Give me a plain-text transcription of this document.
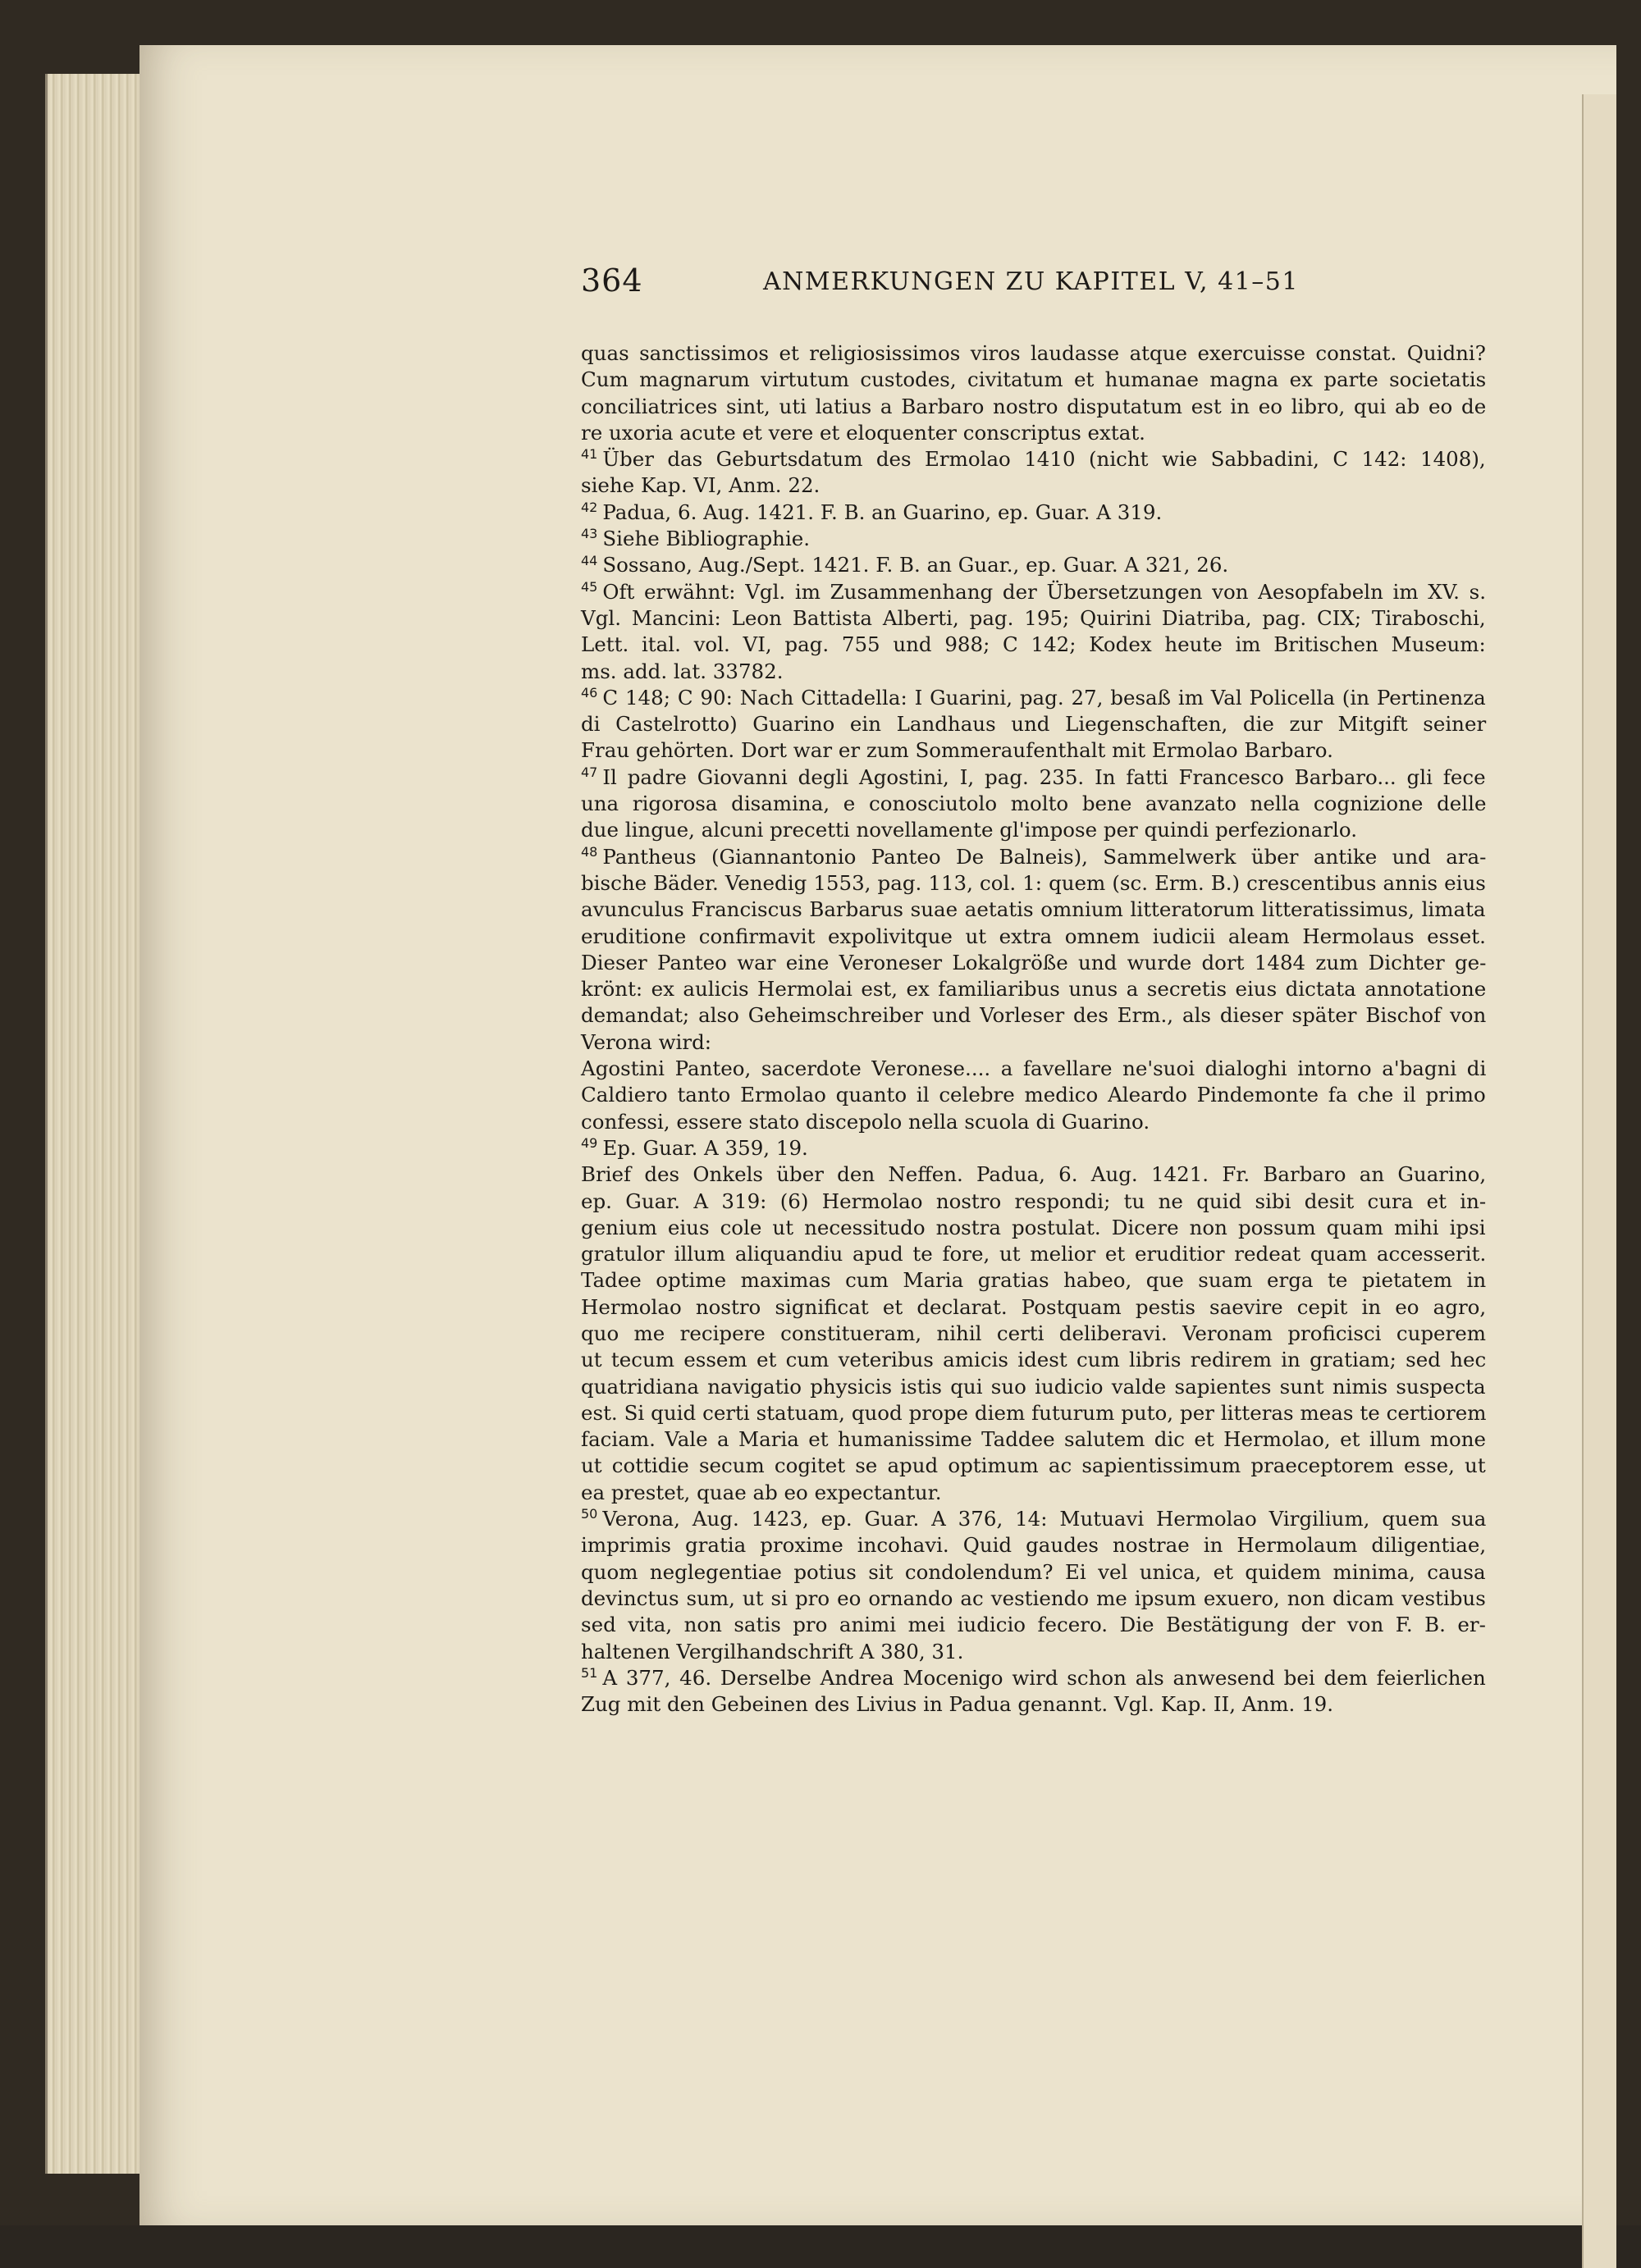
364	ANMERKUNGEN ZU KAPITEL V, 41–51
quas sanctissimos et religiosissimos viros laudasse atque exercuisse constat. Quidni?
Cum magnarum virtutum custodes, civitatum et humanae magna ex parte societatis
conciliatrices sint, uti latius a Barbaro nostro disputatum est in eo libro, qui ab eo de
re uxoria acute et vere et eloquenter conscriptus extat.
$^{41}$ Über das Geburtsdatum des Ermolao 1410 (nicht wie Sabbadini, C 142: 1408),
siehe Kap. VI, Anm. 22.
$^{42}$ Padua, 6. Aug. 1421. F. B. an Guarino, ep. Guar. A 319.
$^{43}$ Siehe Bibliographie.
$^{44}$ Sossano, Aug./Sept. 1421. F. B. an Guar., ep. Guar. A 321, 26.
$^{45}$ Oft erwähnt: Vgl. im Zusammenhang der Übersetzungen von Aesopfabeln im XV. s.
Vgl. Mancini: Leon Battista Alberti, pag. 195; Quirini Diatriba, pag. CIX; Tiraboschi,
Lett. ital. vol. VI, pag. 755 und 988; C 142; Kodex heute im Britischen Museum:
ms. add. lat. 33782.
$^{46}$ C 148; C 90: Nach Cittadella: I Guarini, pag. 27, besaß im Val Policella (in Pertinenza
di Castelrotto) Guarino ein Landhaus und Liegenschaften, die zur Mitgift seiner
Frau gehörten. Dort war er zum Sommeraufenthalt mit Ermolao Barbaro.
$^{47}$ Il padre Giovanni degli Agostini, I, pag. 235. In fatti Francesco Barbaro... gli fece
una rigorosa disamina, e conosciutolo molto bene avanzato nella cognizione delle
due lingue, alcuni precetti novellamente gl'impose per quindi perfezionarlo.
$^{48}$ Pantheus (Giannantonio Panteo De Balneis), Sammelwerk über antike und ara-
bische Bäder. Venedig 1553, pag. 113, col. 1: quem (sc. Erm. B.) crescentibus annis eius
avunculus Franciscus Barbarus suae aetatis omnium litteratorum litteratissimus, limata
eruditione confirmavit expolivitque ut extra omnem iudicii aleam Hermolaus esset.
Dieser Panteo war eine Veroneser Lokalgröße und wurde dort 1484 zum Dichter ge-
krönt: ex aulicis Hermolai est, ex familiaribus unus a secretis eius dictata annotatione
demandat; also Geheimschreiber und Vorleser des Erm., als dieser später Bischof von
Verona wird:
Agostini Panteo, sacerdote Veronese.... a favellare ne'suoi dialoghi intorno a'bagni di
Caldiero tanto Ermolao quanto il celebre medico Aleardo Pindemonte fa che il primo
confessi, essere stato discepolo nella scuola di Guarino.
$^{49}$ Ep. Guar. A 359, 19.
Brief des Onkels über den Neffen. Padua, 6. Aug. 1421. Fr. Barbaro an Guarino,
ep. Guar. A 319: (6) Hermolao nostro respondi; tu ne quid sibi desit cura et in-
genium eius cole ut necessitudo nostra postulat. Dicere non possum quam mihi ipsi
gratulor illum aliquandiu apud te fore, ut melior et eruditior redeat quam accesserit.
Tadee optime maximas cum Maria gratias habeo, que suam erga te pietatem in
Hermolao nostro significat et declarat. Postquam pestis saevire cepit in eo agro,
quo me recipere constitueram, nihil certi deliberavi. Veronam proficisci cuperem
ut tecum essem et cum veteribus amicis idest cum libris redirem in gratiam; sed hec
quatridiana navigatio physicis istis qui suo iudicio valde sapientes sunt nimis suspecta
est. Si quid certi statuam, quod prope diem futurum puto, per litteras meas te certiorem
faciam. Vale a Maria et humanissime Taddee salutem dic et Hermolao, et illum mone
ut cottidie secum cogitet se apud optimum ac sapientissimum praeceptorem esse, ut
ea prestet, quae ab eo expectantur.
$^{50}$ Verona, Aug. 1423, ep. Guar. A 376, 14: Mutuavi Hermolao Virgilium, quem sua
imprimis gratia proxime incohavi. Quid gaudes nostrae in Hermolaum diligentiae,
quom neglegentiae potius sit condolendum? Ei vel unica, et quidem minima, causa
devinctus sum, ut si pro eo ornando ac vestiendo me ipsum exuero, non dicam vestibus
sed vita, non satis pro animi mei iudicio fecero. Die Bestätigung der von F. B. er-
haltenen Vergilhandschrift A 380, 31.
$^{51}$ A 377, 46. Derselbe Andrea Mocenigo wird schon als anwesend bei dem feierlichen
Zug mit den Gebeinen des Livius in Padua genannt. Vgl. Kap. II, Anm. 19.
